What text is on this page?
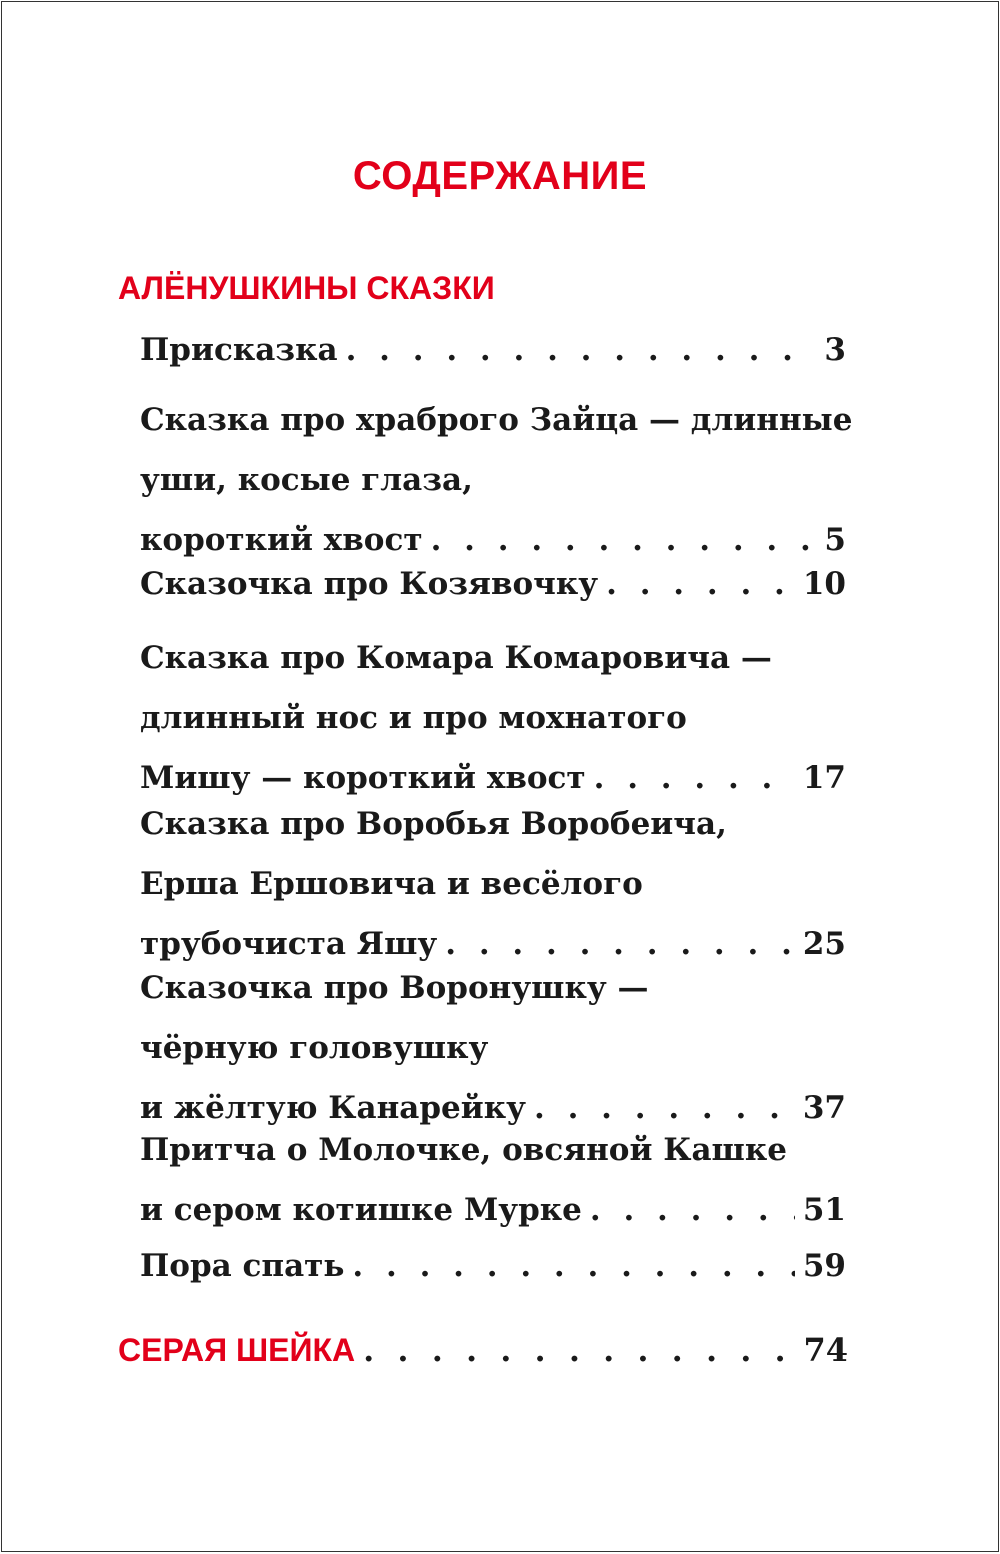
СОДЕРЖАНИЕ
АЛЁНУШКИНЫ СКАЗКИ
Присказка . . .	3
Сказка про храброго Зайца — длинные
уши, косые глаза,
короткий хвост . . .	5
Сказочка про Козявочку . . .	10
Сказка про Комара Комаровича —
длинный нос и про мохнатого
Мишу — короткий хвост . . .	17
Сказка про Воробья Воробеича,
Ерша Ершовича и весёлого
трубочиста Яшу . . .	25
Сказочка про Воронушку —
чёрную головушку
и жёлтую Канарейку . . .	37
Притча о Молочке, овсяной Кашке
и сером котишке Мурке . . .	51
Пора спать . . .	59
СЕРАЯ ШЕЙКА . . .	74
